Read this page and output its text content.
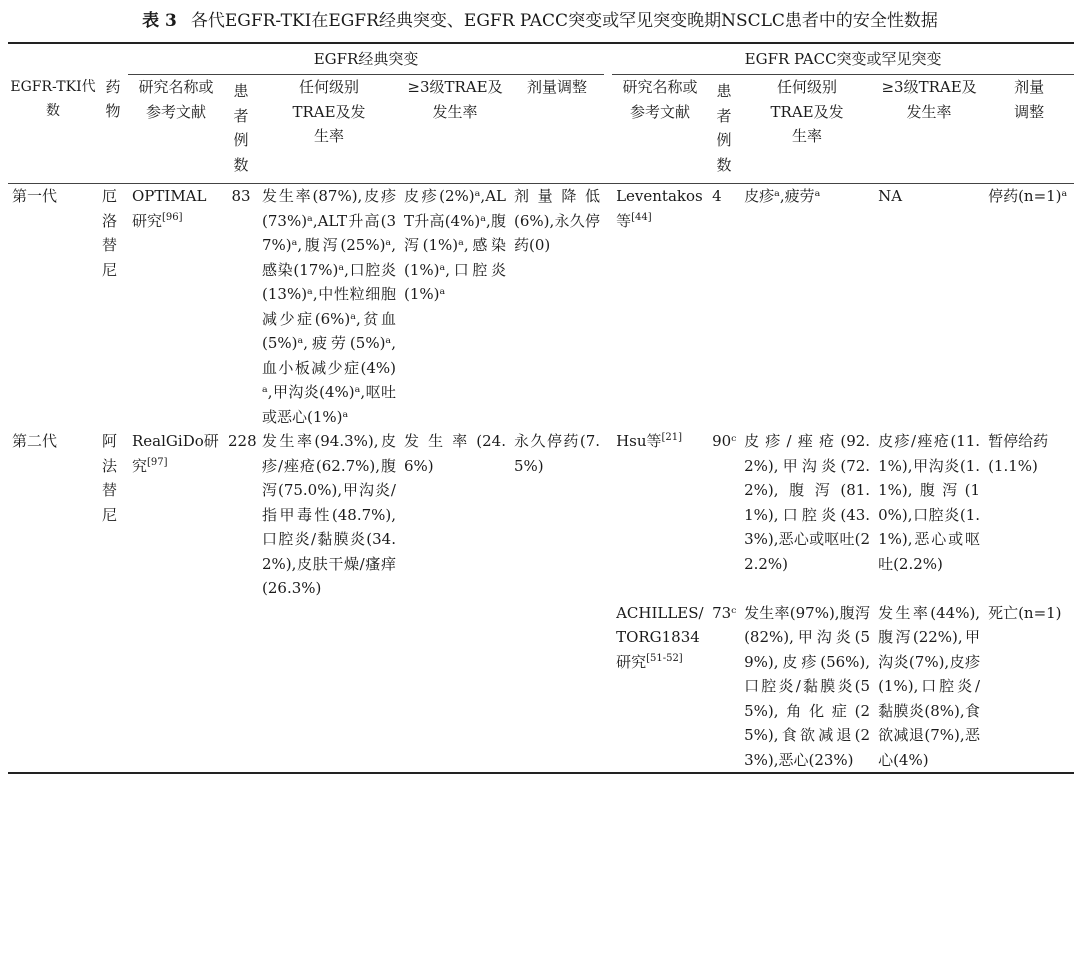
表 3 各代EGFR-TKI在EGFR经典突变、EGFR PACC突变或罕见突变晚期NSCLC患者中的安全性数据
		EGFR经典突变						EGFR PACC突变或罕见突变				
EGFR-TKI代数	药物	研究名称或参考文献	患者例数	任何级别TRAE及发生率	≥3级TRAE及发生率	剂量调整		研究名称或参考文献	患者例数	任何级别TRAE及发生率	≥3级TRAE及发生率	剂量调整
第一代	厄洛替尼	OPTIMAL研究[96]	83	发生率(87%),皮疹(73%)ᵃ,ALT升高(37%)ᵃ,腹泻(25%)ᵃ,感染(17%)ᵃ,口腔炎(13%)ᵃ,中性粒细胞减少症(6%)ᵃ,贫血(5%)ᵃ,疲劳(5%)ᵃ,血小板减少症(4%)ᵃ,甲沟炎(4%)ᵃ,呕吐或恶心(1%)ᵃ	皮疹(2%)ᵃ,ALT升高(4%)ᵃ,腹泻(1%)ᵃ,感染(1%)ᵃ,口腔炎(1%)ᵃ	剂量降低(6%),永久停药(0)		Leventakos等[44]	4	皮疹ᵃ,疲劳ᵃ	NA	停药(n=1)ᵃ
第二代	阿法替尼	RealGiDo研究[97]	228	发生率(94.3%),皮疹/痤疮(62.7%),腹泻(75.0%),甲沟炎/指甲毒性(48.7%),口腔炎/黏膜炎(34.2%),皮肤干燥/瘙痒(26.3%)	发生率(24.6%)	永久停药(7.5%)		Hsu等[21]	90ᶜ	皮疹/痤疮(92.2%),甲沟炎(72.2%),腹泻(81.1%),口腔炎(43.3%),恶心或呕吐(22.2%)	皮疹/痤疮(11.1%),甲沟炎(1.1%),腹泻(10%),口腔炎(1.1%),恶心或呕吐(2.2%)	暂停给药(1.1%)
								ACHILLES/TORG1834研究[51-52]	73ᶜ	发生率(97%),腹泻(82%),甲沟炎(59%),皮疹(56%),口腔炎/黏膜炎(55%),角化症(25%),食欲减退(23%),恶心(23%)	发生率(44%),腹泻(22%),甲沟炎(7%),皮疹(1%),口腔炎/黏膜炎(8%),食欲减退(7%),恶心(4%)	死亡(n=1)
